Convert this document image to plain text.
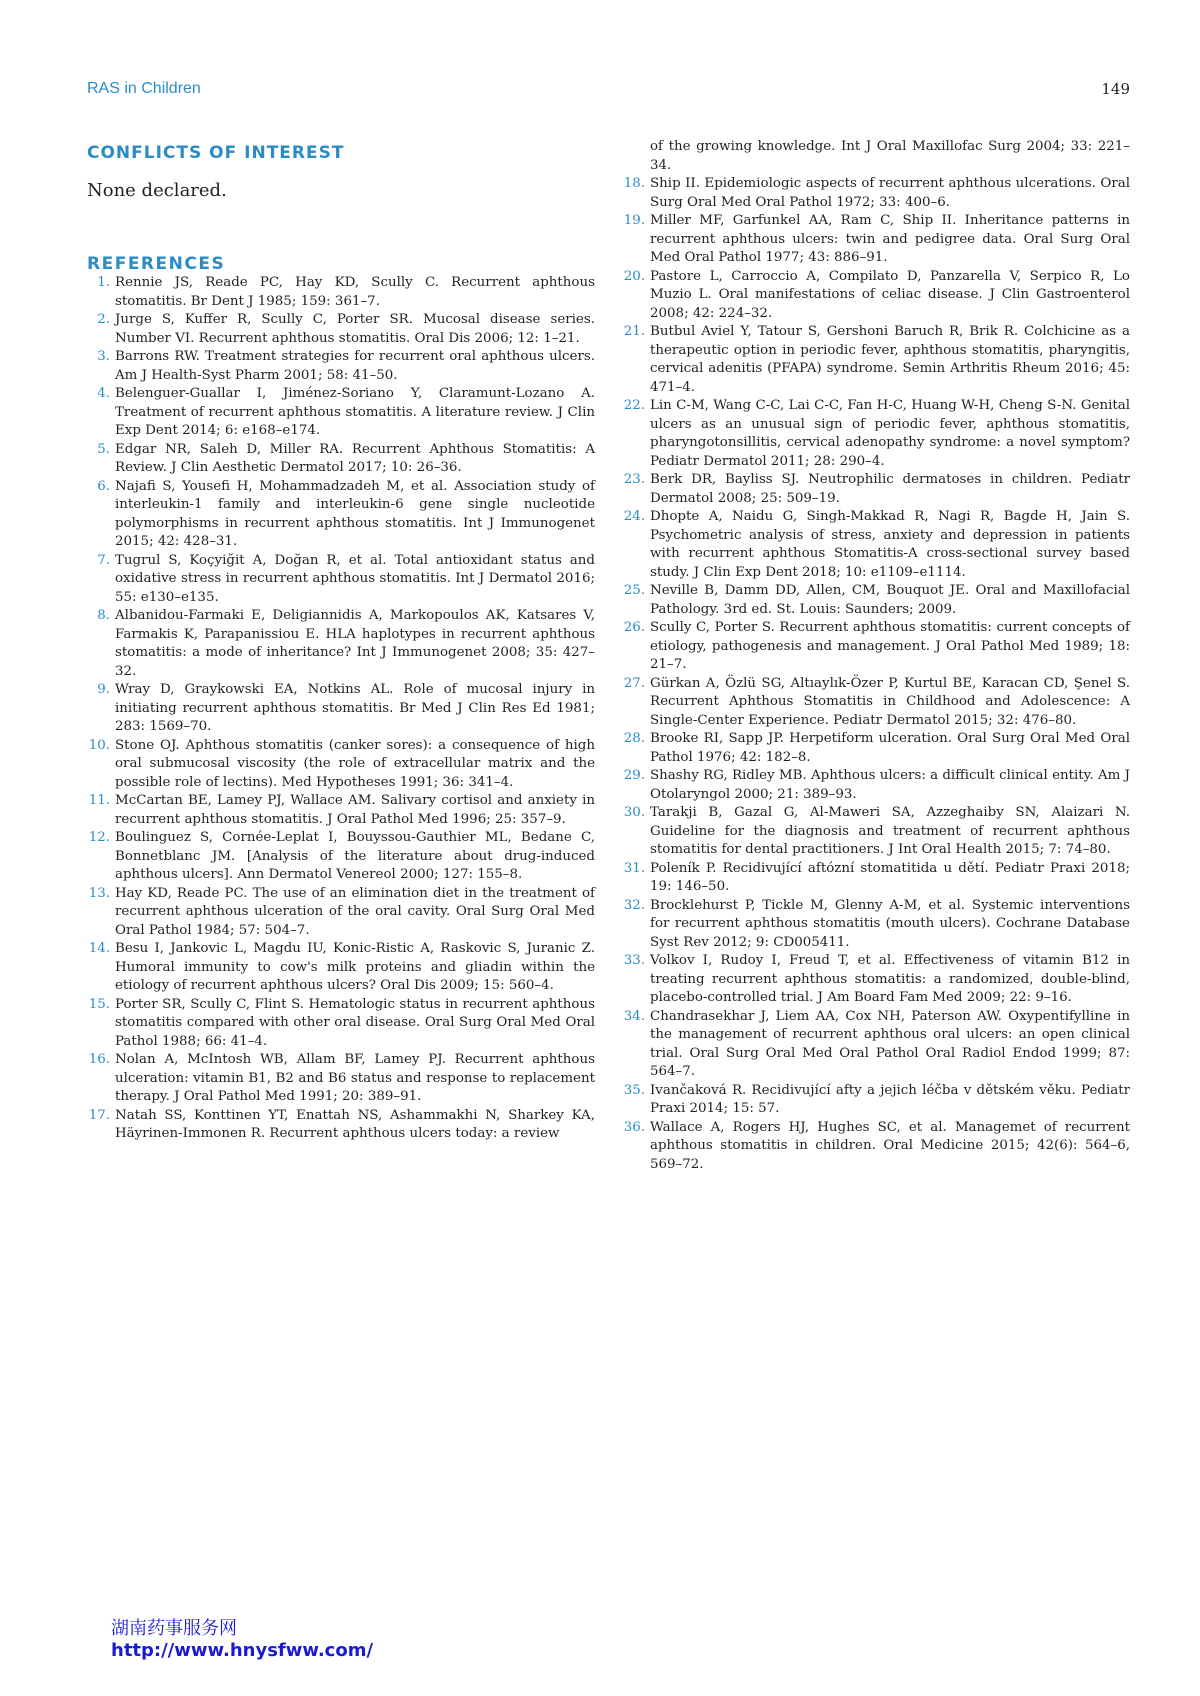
RAS in Children	149
CONFLICTS OF INTEREST

None declared.

REFERENCES
1. Rennie JS, Reade PC, Hay KD, Scully C. Recurrent aphthous stomatitis. Br Dent J 1985; 159: 361–7.
2. Jurge S, Kuffer R, Scully C, Porter SR. Mucosal disease series. Number VI. Recurrent aphthous stomatitis. Oral Dis 2006; 12: 1–21.
3. Barrons RW. Treatment strategies for recurrent oral aphthous ulcers. Am J Health-Syst Pharm 2001; 58: 41–50.
4. Belenguer-Guallar I, Jiménez-Soriano Y, Claramunt-Lozano A. Treatment of recurrent aphthous stomatitis. A literature review. J Clin Exp Dent 2014; 6: e168–e174.
5. Edgar NR, Saleh D, Miller RA. Recurrent Aphthous Stomatitis: A Review. J Clin Aesthetic Dermatol 2017; 10: 26–36.
6. Najafi S, Yousefi H, Mohammadzadeh M, et al. Association study of interleukin-1 family and interleukin-6 gene single nucleotide polymorphisms in recurrent aphthous stomatitis. Int J Immunogenet 2015; 42: 428–31.
7. Tugrul S, Koçyiğit A, Doğan R, et al. Total antioxidant status and oxidative stress in recurrent aphthous stomatitis. Int J Dermatol 2016; 55: e130–e135.
8. Albanidou-Farmaki E, Deligiannidis A, Markopoulos AK, Katsares V, Farmakis K, Parapanissiou E. HLA haplotypes in recurrent aphthous stomatitis: a mode of inheritance? Int J Immunogenet 2008; 35: 427–32.
9. Wray D, Graykowski EA, Notkins AL. Role of mucosal injury in initiating recurrent aphthous stomatitis. Br Med J Clin Res Ed 1981; 283: 1569–70.
10. Stone OJ. Aphthous stomatitis (canker sores): a consequence of high oral submucosal viscosity (the role of extracellular matrix and the possible role of lectins). Med Hypotheses 1991; 36: 341–4.
11. McCartan BE, Lamey PJ, Wallace AM. Salivary cortisol and anxiety in recurrent aphthous stomatitis. J Oral Pathol Med 1996; 25: 357–9.
12. Boulinguez S, Cornée-Leplat I, Bouyssou-Gauthier ML, Bedane C, Bonnetblanc JM. [Analysis of the literature about drug-induced aphthous ulcers]. Ann Dermatol Venereol 2000; 127: 155–8.
13. Hay KD, Reade PC. The use of an elimination diet in the treatment of recurrent aphthous ulceration of the oral cavity. Oral Surg Oral Med Oral Pathol 1984; 57: 504–7.
14. Besu I, Jankovic L, Magdu IU, Konic-Ristic A, Raskovic S, Juranic Z. Humoral immunity to cow's milk proteins and gliadin within the etiology of recurrent aphthous ulcers? Oral Dis 2009; 15: 560–4.
15. Porter SR, Scully C, Flint S. Hematologic status in recurrent aphthous stomatitis compared with other oral disease. Oral Surg Oral Med Oral Pathol 1988; 66: 41–4.
16. Nolan A, McIntosh WB, Allam BF, Lamey PJ. Recurrent aphthous ulceration: vitamin B1, B2 and B6 status and response to replacement therapy. J Oral Pathol Med 1991; 20: 389–91.
17. Natah SS, Konttinen YT, Enattah NS, Ashammakhi N, Sharkey KA, Häyrinen-Immonen R. Recurrent aphthous ulcers today: a review
of the growing knowledge. Int J Oral Maxillofac Surg 2004; 33: 221–34.
18. Ship II. Epidemiologic aspects of recurrent aphthous ulcerations. Oral Surg Oral Med Oral Pathol 1972; 33: 400–6.
19. Miller MF, Garfunkel AA, Ram C, Ship II. Inheritance patterns in recurrent aphthous ulcers: twin and pedigree data. Oral Surg Oral Med Oral Pathol 1977; 43: 886–91.
20. Pastore L, Carroccio A, Compilato D, Panzarella V, Serpico R, Lo Muzio L. Oral manifestations of celiac disease. J Clin Gastroenterol 2008; 42: 224–32.
21. Butbul Aviel Y, Tatour S, Gershoni Baruch R, Brik R. Colchicine as a therapeutic option in periodic fever, aphthous stomatitis, pharyngitis, cervical adenitis (PFAPA) syndrome. Semin Arthritis Rheum 2016; 45: 471–4.
22. Lin C-M, Wang C-C, Lai C-C, Fan H-C, Huang W-H, Cheng S-N. Genital ulcers as an unusual sign of periodic fever, aphthous stomatitis, pharyngotonsillitis, cervical adenopathy syndrome: a novel symptom? Pediatr Dermatol 2011; 28: 290–4.
23. Berk DR, Bayliss SJ. Neutrophilic dermatoses in children. Pediatr Dermatol 2008; 25: 509–19.
24. Dhopte A, Naidu G, Singh-Makkad R, Nagi R, Bagde H, Jain S. Psychometric analysis of stress, anxiety and depression in patients with recurrent aphthous Stomatitis-A cross-sectional survey based study. J Clin Exp Dent 2018; 10: e1109–e1114.
25. Neville B, Damm DD, Allen, CM, Bouquot JE. Oral and Maxillofacial Pathology. 3rd ed. St. Louis: Saunders; 2009.
26. Scully C, Porter S. Recurrent aphthous stomatitis: current concepts of etiology, pathogenesis and management. J Oral Pathol Med 1989; 18: 21–7.
27. Gürkan A, Özlü SG, Altıaylık-Özer P, Kurtul BE, Karacan CD, Şenel S. Recurrent Aphthous Stomatitis in Childhood and Adolescence: A Single-Center Experience. Pediatr Dermatol 2015; 32: 476–80.
28. Brooke RI, Sapp JP. Herpetiform ulceration. Oral Surg Oral Med Oral Pathol 1976; 42: 182–8.
29. Shashy RG, Ridley MB. Aphthous ulcers: a difficult clinical entity. Am J Otolaryngol 2000; 21: 389–93.
30. Tarakji B, Gazal G, Al-Maweri SA, Azzeghaiby SN, Alaizari N. Guideline for the diagnosis and treatment of recurrent aphthous stomatitis for dental practitioners. J Int Oral Health 2015; 7: 74–80.
31. Poleník P. Recidivující aftózní stomatitida u dětí. Pediatr Praxi 2018; 19: 146–50.
32. Brocklehurst P, Tickle M, Glenny A-M, et al. Systemic interventions for recurrent aphthous stomatitis (mouth ulcers). Cochrane Database Syst Rev 2012; 9: CD005411.
33. Volkov I, Rudoy I, Freud T, et al. Effectiveness of vitamin B12 in treating recurrent aphthous stomatitis: a randomized, double-blind, placebo-controlled trial. J Am Board Fam Med 2009; 22: 9–16.
34. Chandrasekhar J, Liem AA, Cox NH, Paterson AW. Oxypentifylline in the management of recurrent aphthous oral ulcers: an open clinical trial. Oral Surg Oral Med Oral Pathol Oral Radiol Endod 1999; 87: 564–7.
35. Ivančaková R. Recidivující afty a jejich léčba v dětském věku. Pediatr Praxi 2014; 15: 57.
36. Wallace A, Rogers HJ, Hughes SC, et al. Managemet of recurrent aphthous stomatitis in children. Oral Medicine 2015; 42(6): 564–6, 569–72.
湖南药事服务网
http://www.hnysfww.com/
